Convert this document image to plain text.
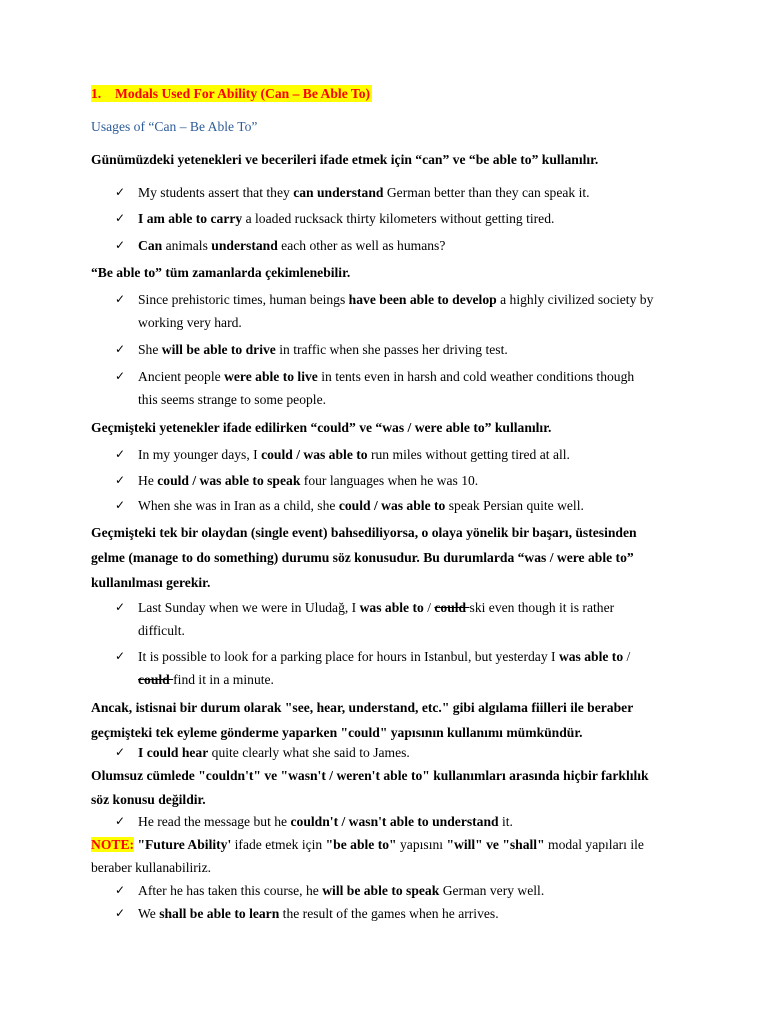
1. Modals Used For Ability (Can – Be Able To)
Usages of “Can – Be Able To”
Günümüzdeki yetenekleri ve becerileri ifade etmek için “can” ve “be able to” kullanılır.
✓ My students assert that they can understand German better than they can speak it.
✓ I am able to carry a loaded rucksack thirty kilometers without getting tired.
✓ Can animals understand each other as well as humans?
“Be able to” tüm zamanlarda çekimlenebilir.
✓ Since prehistoric times, human beings have been able to develop a highly civilized society by
working very hard.
✓ She will be able to drive in traffic when she passes her driving test.
✓ Ancient people were able to live in tents even in harsh and cold weather conditions though
this seems strange to some people.
Geçmişteki yetenekler ifade edilirken “could” ve “was / were able to” kullanılır.
✓ In my younger days, I could / was able to run miles without getting tired at all.
✓ He could / was able to speak four languages when he was 10.
✓ When she was in Iran as a child, she could / was able to speak Persian quite well.
Geçmişteki tek bir olaydan (single event) bahsediliyorsa, o olaya yönelik bir başarı, üstesinden
gelme (manage to do something) durumu söz konusudur. Bu durumlarda “was / were able to”
kullanılması gerekir.
✓ Last Sunday when we were in Uludağ, I was able to / could ski even though it is rather
difficult.
✓ It is possible to look for a parking place for hours in Istanbul, but yesterday I was able to /
could find it in a minute.
Ancak, istisnai bir durum olarak "see, hear, understand, etc." gibi algılama fiilleri ile beraber
geçmişteki tek eyleme gönderme yaparken "could" yapısının kullanımı mümkündür.
✓ I could hear quite clearly what she said to James.
Olumsuz cümlede "couldn't" ve "wasn't / weren't able to" kullanımları arasında hiçbir farklılık
söz konusu değildir.
✓ He read the message but he couldn't / wasn't able to understand it.
NOTE: "Future Ability' ifade etmek için "be able to" yapısını "will" ve "shall" modal yapıları ile
beraber kullanabiliriz.
✓ After he has taken this course, he will be able to speak German very well.
✓ We shall be able to learn the result of the games when he arrives.
